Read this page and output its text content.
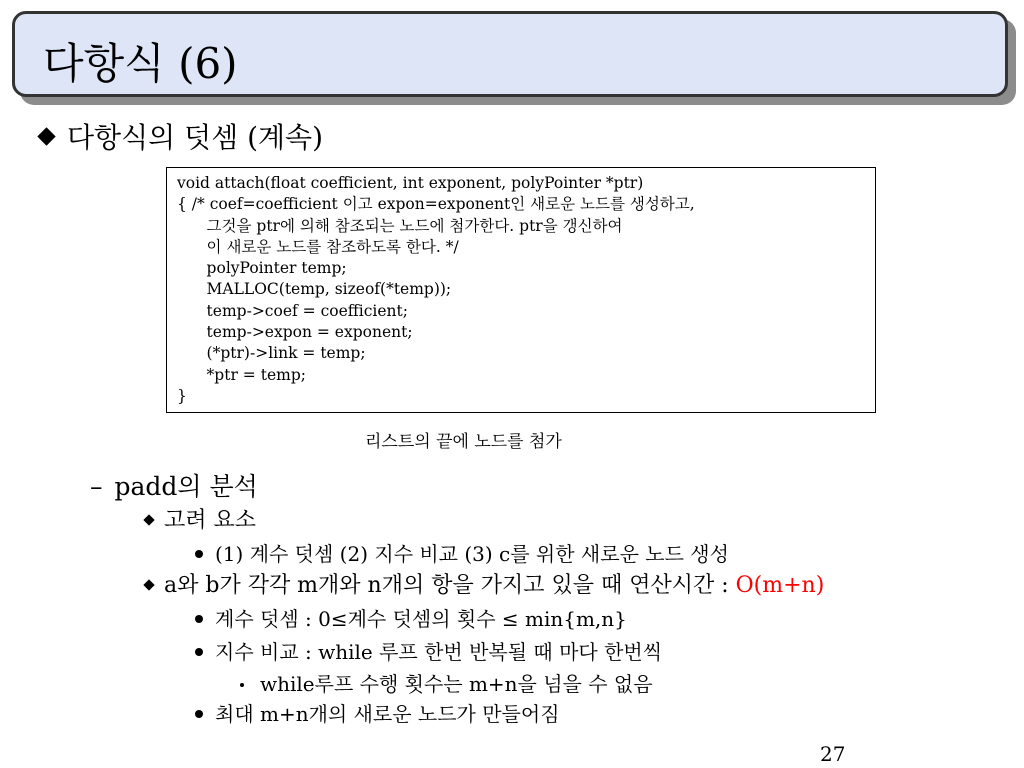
다항식 (6)
다항식의 덧셈 (계속)
void attach(float coefficient, int exponent, polyPointer *ptr)
{ /* coef=coefficient 이고 expon=exponent인 새로운 노드를 생성하고,
그것을 ptr에 의해 참조되는 노드에 첨가한다. ptr을 갱신하여
이 새로운 노드를 참조하도록 한다. */
polyPointer temp;
MALLOC(temp, sizeof(*temp));
temp->coef = coefficient;
temp->expon = exponent;
(*ptr)->link = temp;
*ptr = temp;
}
리스트의 끝에 노드를 첨가
– padd의 분석
고려 요소
(1) 계수 덧셈 (2) 지수 비교 (3) c를 위한 새로운 노드 생성
a와 b가 각각 m개와 n개의 항을 가지고 있을 때 연산시간 : O(m+n)
계수 덧셈 : 0≤계수 덧셈의 횟수 ≤ min{m,n}
지수 비교 : while 루프 한번 반복될 때 마다 한번씩
while루프 수행 횟수는 m+n을 넘을 수 없음
최대 m+n개의 새로운 노드가 만들어짐
27
